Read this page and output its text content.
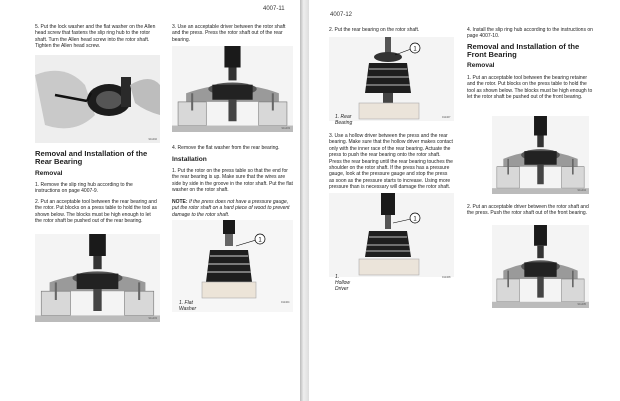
4007-11

5. Put the lock washer and the flat washer on the Allen head screw that fastens the slip ring hub to the rotor shaft. Turn the Allen head screw into the rotor shaft. Tighten the Allen head screw.

911402
Removal and Installation of the Rear Bearing
Removal

1. Remove the slip ring hub according to the instructions on page 4007-9.

2. Put an acceptable tool between the rear bearing and the rotor. Put blocks on a press table to hold the tool as shown below. The blocks must be high enough to let the rotor shaft be pushed out of the rear bearing.

911403

3. Use an acceptable driver between the rotor shaft and the press. Press the rotor shaft out of the rear bearing.

911403

4. Remove the flat washer from the rear bearing.

Installation

1. Put the rotor on the press table so that the end for the rear bearing is up. Make sure that the wires are side by side in the groove in the rotor shaft. Put the flat washer on the rotor shaft.

NOTE: If the press does not have a pressure gauge, put the rotor shaft on a hard piece of wood to prevent damage to the rotor shaft.

1
1. Flat Washer
911404
4007-12

2. Put the rear bearing on the rotor shaft.

1
1. Rear Bearing
911407

3. Use a hollow driver between the press and the rear bearing. Make sure that the hollow driver makes contact only with the inner race of the rear bearing. Actuate the press to push the rear bearing onto the rotor shaft. Press the rear bearing until the rear bearing touches the shoulder on the rotor shaft. If the press has a pressure gauge, look at the pressure gauge and stop the press as soon as the pressure starts to increase. Using more pressure than is necessary will damage the rotor shaft.

1
1. Hollow Driver
911408

4. Install the slip ring hub according to the instructions on page 4007-10.

Removal and Installation of the Front Bearing
Removal

1. Put an acceptable tool between the bearing retainer and the rotor. Put blocks on the press table to hold the tool as shown below. The blocks must be high enough to let the rotor shaft be pushed out of the front bearing.

911404

2. Put an acceptable driver between the rotor shaft and the press. Push the rotor shaft out of the front bearing.

911405
